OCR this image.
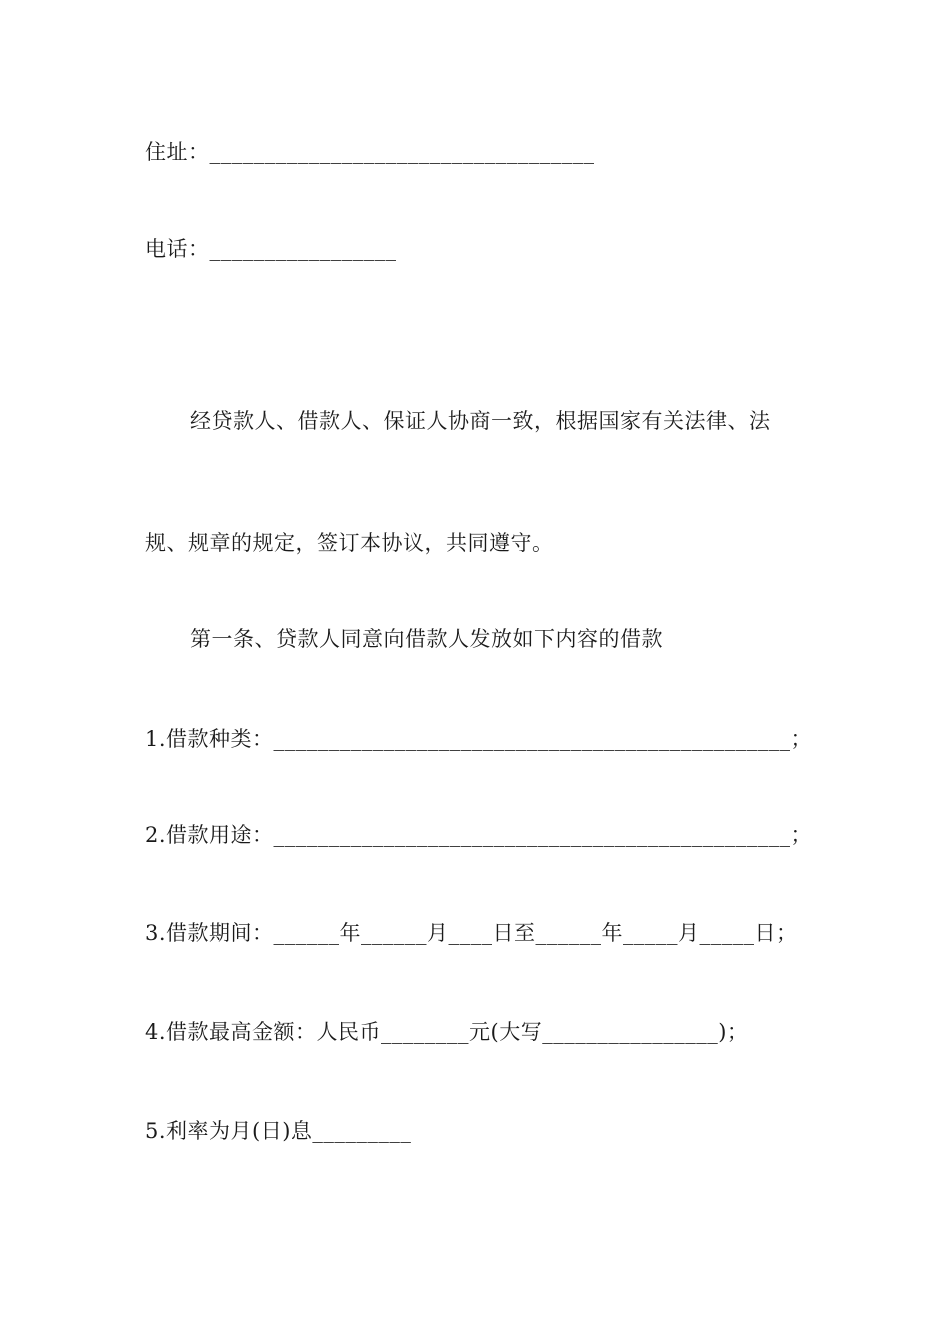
住址：___________________________________
电话：_________________
经贷款人、借款人、保证人协商一致，根据国家有关法律、法
规、规章的规定，签订本协议，共同遵守。
第一条、贷款人同意向借款人发放如下内容的借款
1.借款种类：_______________________________________________；
2.借款用途：_______________________________________________；
3.借款期间：______年______月____日至______年_____月_____日；
4.借款最高金额：人民币________元(大写________________)；
5.利率为月(日)息_________
